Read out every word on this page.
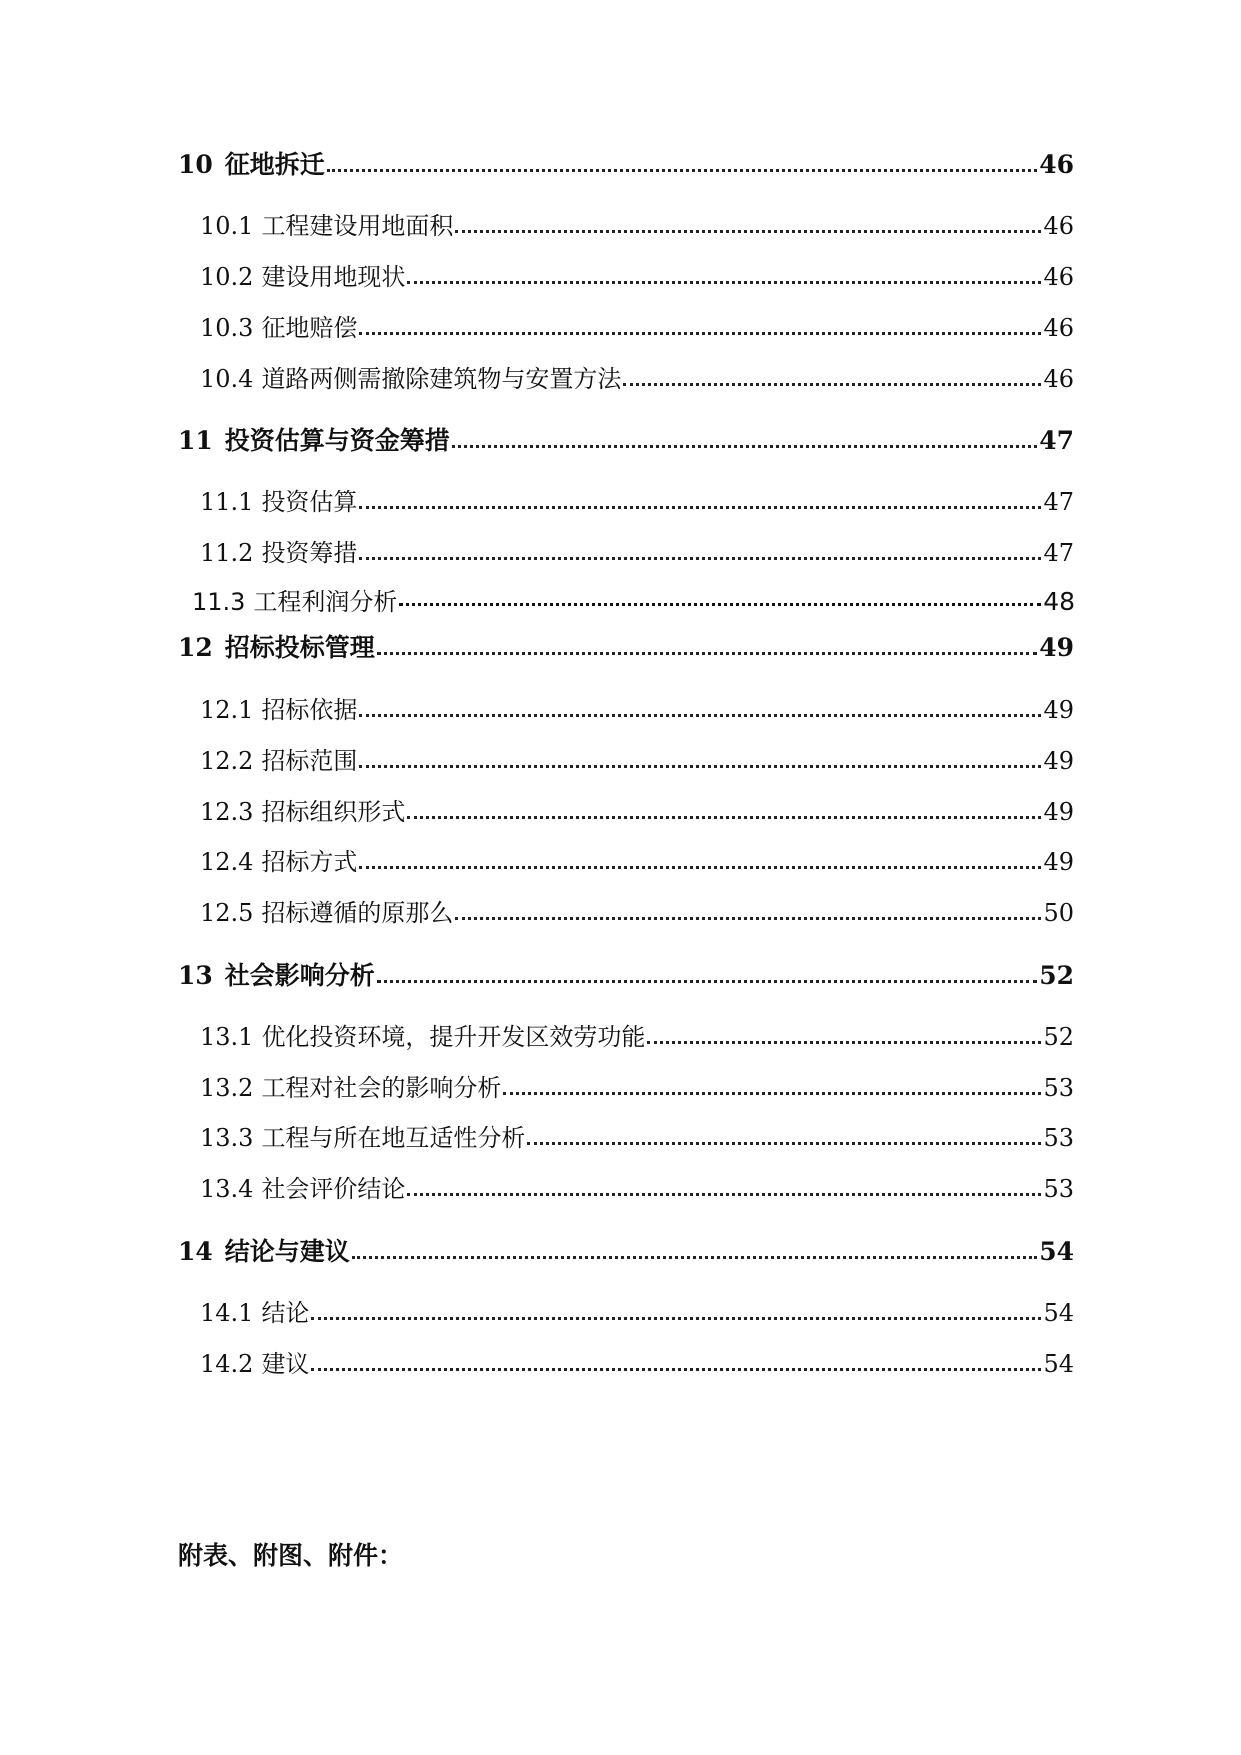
10 征地拆迁	46
10.1 工程建设用地面积	46
10.2 建设用地现状	46
10.3 征地赔偿	46
10.4 道路两侧需撤除建筑物与安置方法	46
11 投资估算与资金筹措	47
11.1 投资估算	47
11.2 投资筹措	47
11.3 工程利润分析	48
12 招标投标管理	49
12.1 招标依据	49
12.2 招标范围	49
12.3 招标组织形式	49
12.4 招标方式	49
12.5 招标遵循的原那么	50
13 社会影响分析	52
13.1 优化投资环境，提升开发区效劳功能	52
13.2 工程对社会的影响分析	53
13.3 工程与所在地互适性分析	53
13.4 社会评价结论	53
14 结论与建议	54
14.1 结论	54
14.2 建议	54
附表、附图、附件：
